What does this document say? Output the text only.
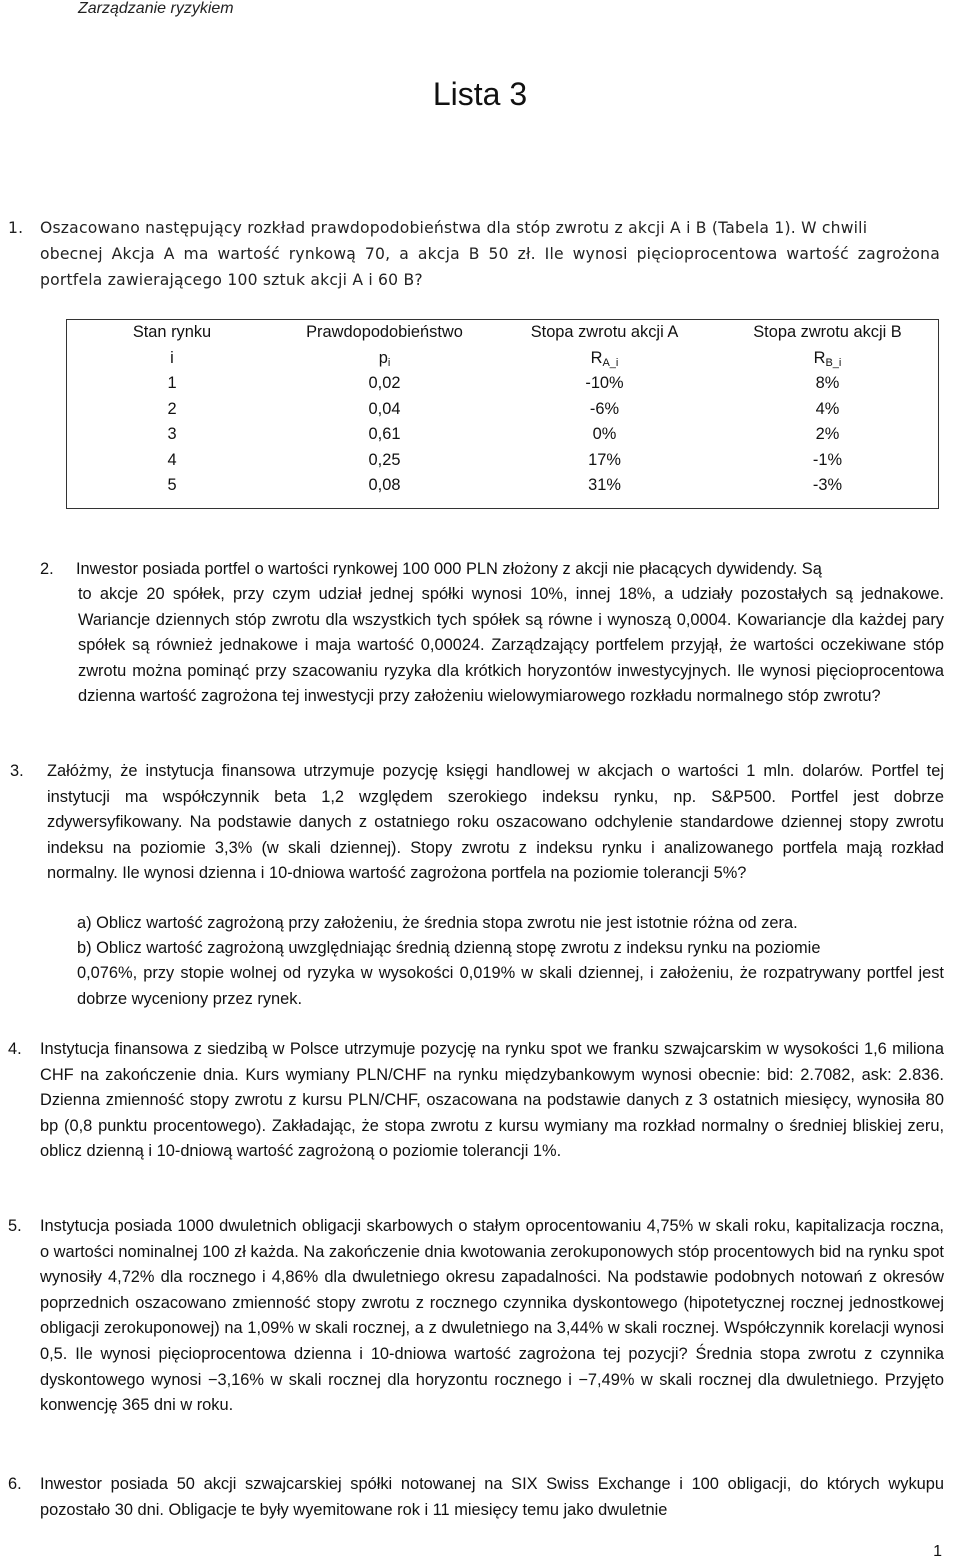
Zarządzanie ryzykiem
Lista 3
1. Oszacowano następujący rozkład prawdopodobieństwa dla stóp zwrotu z akcji A i B (Tabela 1). W chwili

obecnej Akcja A ma wartość rynkową 70, a akcja B 50 zł. Ile wynosi pięcioprocentowa wartość zagrożona portfela zawierającego 100 sztuk akcji A i 60 B?

Stan rynku	Prawdopodobieństwo	Stopa zwrotu akcji A	Stopa zwrotu akcji B
i	$p_i$	$R_{A\_i}$	$R_{B\_i}$
1	0,02	-10%	8%
2	0,04	-6%	4%
3	0,61	0%	2%
4	0,25	17%	-1%
5	0,08	31%	-3%
2. Inwestor posiada portfel o wartości rynkowej 100 000 PLN złożony z akcji nie płacących dywidendy. Są

to akcje 20 spółek, przy czym udział jednej spółki wynosi 10%, innej 18%, a udziały pozostałych są jednakowe. Wariancje dziennych stóp zwrotu dla wszystkich tych spółek są równe i wynoszą 0,0004. Kowariancje dla każdej pary spółek są również jednakowe i maja wartość 0,00024. Zarządzający portfelem przyjął, że wartości oczekiwane stóp zwrotu można pominąć przy szacowaniu ryzyka dla krótkich horyzontów inwestycyjnych. Ile wynosi pięcioprocentowa dzienna wartość zagrożona tej inwestycji przy założeniu wielowymiarowego rozkładu normalnego stóp zwrotu?

3. Załóżmy, że instytucja finansowa utrzymuje pozycję księgi handlowej w akcjach o wartości 1 mln. dolarów. Portfel tej instytucji ma współczynnik beta 1,2 względem szerokiego indeksu rynku, np. S&P500. Portfel jest dobrze zdywersyfikowany. Na podstawie danych z ostatniego roku oszacowano odchylenie standardowe dziennej stopy zwrotu indeksu na poziomie 3,3% (w skali dziennej). Stopy zwrotu z indeksu rynku i analizowanego portfela mają rozkład normalny. Ile wynosi dzienna i 10-dniowa wartość zagrożona portfela na poziomie tolerancji 5%?

a) Oblicz wartość zagrożoną przy założeniu, że średnia stopa zwrotu nie jest istotnie różna od zera.
b) Oblicz wartość zagrożoną uwzględniając średnią dzienną stopę zwrotu z indeksu rynku na poziomie

0,076%, przy stopie wolnej od ryzyka w wysokości 0,019% w skali dziennej, i założeniu, że rozpatrywany portfel jest dobrze wyceniony przez rynek.

4. Instytucja finansowa z siedzibą w Polsce utrzymuje pozycję na rynku spot we franku szwajcarskim w wysokości 1,6 miliona CHF na zakończenie dnia. Kurs wymiany PLN/CHF na rynku międzybankowym wynosi obecnie: bid: 2.7082, ask: 2.836. Dzienna zmienność stopy zwrotu z kursu PLN/CHF, oszacowana na podstawie danych z 3 ostatnich miesięcy, wynosiła 80 bp (0,8 punktu procentowego). Zakładając, że stopa zwrotu z kursu wymiany ma rozkład normalny o średniej bliskiej zeru, oblicz dzienną i 10-dniową wartość zagrożoną o poziomie tolerancji 1%.

5. Instytucja posiada 1000 dwuletnich obligacji skarbowych o stałym oprocentowaniu 4,75% w skali roku, kapitalizacja roczna, o wartości nominalnej 100 zł każda. Na zakończenie dnia kwotowania zerokuponowych stóp procentowych bid na rynku spot wynosiły 4,72% dla rocznego i 4,86% dla dwuletniego okresu zapadalności. Na podstawie podobnych notowań z okresów poprzednich oszacowano zmienność stopy zwrotu z rocznego czynnika dyskontowego (hipotetycznej rocznej jednostkowej obligacji zerokuponowej) na 1,09% w skali rocznej, a z dwuletniego na 3,44% w skali rocznej. Współczynnik korelacji wynosi 0,5. Ile wynosi pięcioprocentowa dzienna i 10-dniowa wartość zagrożona tej pozycji? Średnia stopa zwrotu z czynnika dyskontowego wynosi −3,16% w skali rocznej dla horyzontu rocznego i −7,49% w skali rocznej dla dwuletniego. Przyjęto konwencję 365 dni w roku.

6. Inwestor posiada 50 akcji szwajcarskiej spółki notowanej na SIX Swiss Exchange i 100 obligacji, do których wykupu pozostało 30 dni. Obligacje te były wyemitowane rok i 11 miesięcy temu jako dwuletnie

1
